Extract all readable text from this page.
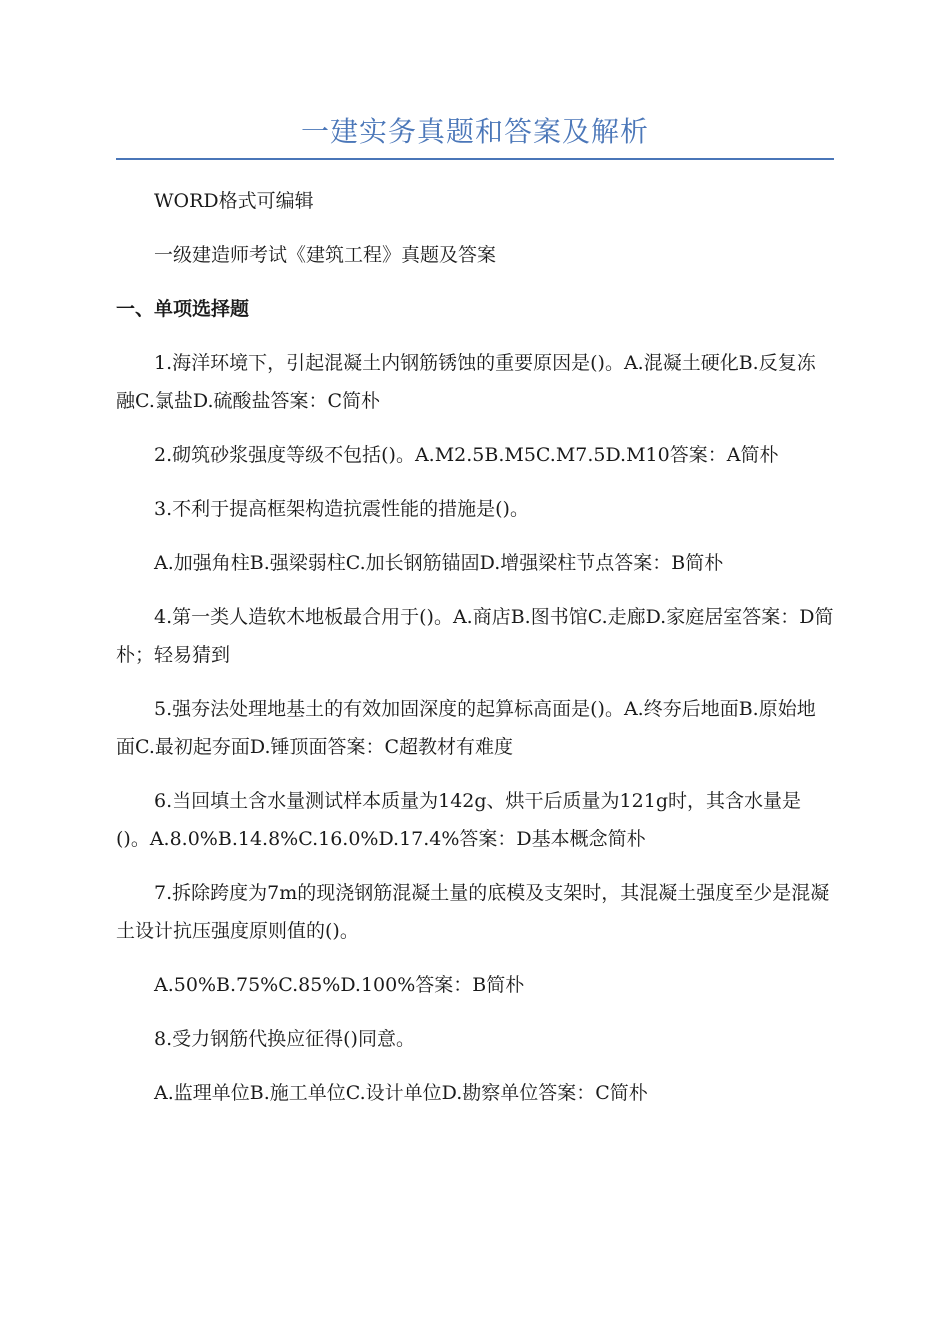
一建实务真题和答案及解析

WORD格式可编辑

一级建造师考试《建筑工程》真题及答案

一、单项选择题

1.海洋环境下，引起混凝土内钢筋锈蚀的重要原因是()。A.混凝土硬化B.反复冻融C.氯盐D.硫酸盐答案：C简朴

2.砌筑砂浆强度等级不包括()。A.M2.5B.M5C.M7.5D.M10答案：A简朴

3.不利于提高框架构造抗震性能的措施是()。

A.加强角柱B.强梁弱柱C.加长钢筋锚固D.增强梁柱节点答案：B简朴

4.第一类人造软木地板最合用于()。A.商店B.图书馆C.走廊D.家庭居室答案：D简朴；轻易猜到

5.强夯法处理地基土的有效加固深度的起算标高面是()。A.终夯后地面B.原始地面C.最初起夯面D.锤顶面答案：C超教材有难度

6.当回填土含水量测试样本质量为142g、烘干后质量为121g时，其含水量是()。A.8.0%B.14.8%C.16.0%D.17.4%答案：D基本概念简朴

7.拆除跨度为7m的现浇钢筋混凝土量的底模及支架时，其混凝土强度至少是混凝土设计抗压强度原则值的()。

A.50%B.75%C.85%D.100%答案：B简朴

8.受力钢筋代换应征得()同意。

A.监理单位B.施工单位C.设计单位D.勘察单位答案：C简朴
